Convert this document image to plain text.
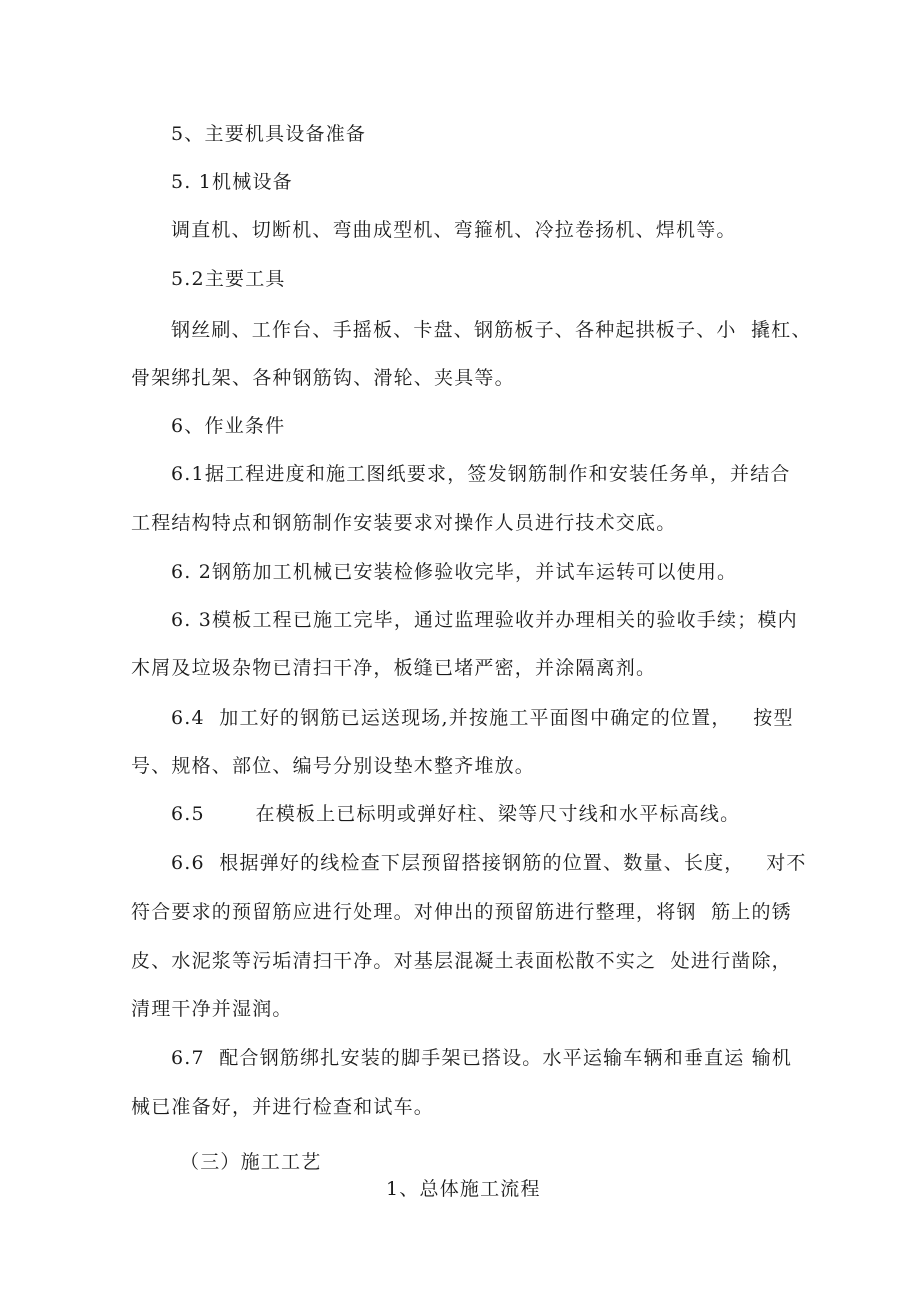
5、主要机具设备准备
5. 1机械设备
调直机、切断机、弯曲成型机、弯箍机、冷拉卷扬机、焊机等。
5.2主要工具
钢丝刷、工作台、手摇板、卡盘、钢筋板子、各种起拱板子、小  撬杠、
骨架绑扎架、各种钢筋钩、滑轮、夹具等。
6、作业条件
6.1据工程进度和施工图纸要求，签发钢筋制作和安装任务单，并结合
工程结构特点和钢筋制作安装要求对操作人员进行技术交底。
6. 2钢筋加工机械已安装检修验收完毕，并试车运转可以使用。
6. 3模板工程已施工完毕，通过监理验收并办理相关的验收手续；模内
木屑及垃圾杂物已清扫干净，板缝已堵严密，并涂隔离剂。
6.4  加工好的钢筋已运送现场,并按施工平面图中确定的位置，   按型
号、规格、部位、编号分别设垫木整齐堆放。
6.5       在模板上已标明或弹好柱、梁等尺寸线和水平标高线。
6.6  根据弹好的线检查下层预留搭接钢筋的位置、数量、长度，   对不
符合要求的预留筋应进行处理。对伸出的预留筋进行整理，将钢  筋上的锈
皮、水泥浆等污垢清扫干净。对基层混凝土表面松散不实之  处进行凿除，
清理干净并湿润。
6.7  配合钢筋绑扎安装的脚手架已搭设。水平运输车辆和垂直运 输机
械已准备好，并进行检查和试车。
（三）施工工艺
1、总体施工流程
